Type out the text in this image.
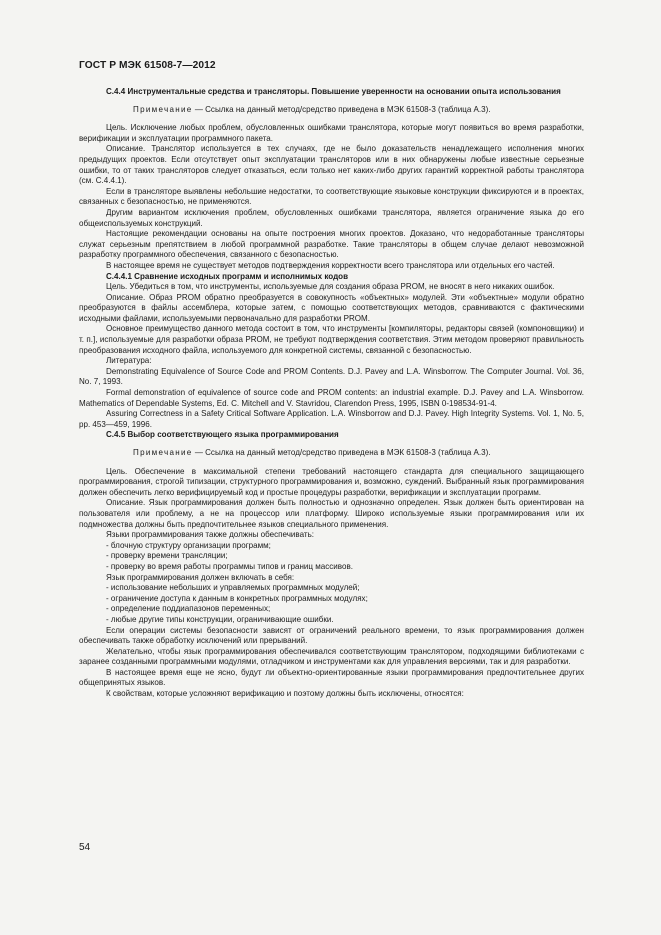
ГОСТ Р МЭК 61508-7—2012

С.4.4 Инструментальные средства и трансляторы. Повышение уверенности на основании опыта использования

Примечание — Ссылка на данный метод/средство приведена в МЭК 61508-3 (таблица А.3).

Цель. Исключение любых проблем, обусловленных ошибками транслятора, которые могут появиться во время разработки, верификации и эксплуатации программного пакета.

Описание. Транслятор используется в тех случаях, где не было доказательств ненадлежащего исполнения многих предыдущих проектов. Если отсутствует опыт эксплуатации трансляторов или в них обнаружены любые известные серьезные ошибки, то от таких трансляторов следует отказаться, если только нет каких-либо других гарантий корректной работы транслятора (см. С.4.4.1).

Если в трансляторе выявлены небольшие недостатки, то соответствующие языковые конструкции фиксируются и в проектах, связанных с безопасностью, не применяются.

Другим вариантом исключения проблем, обусловленных ошибками транслятора, является ограничение языка до его общеиспользуемых конструкций.

Настоящие рекомендации основаны на опыте построения многих проектов. Доказано, что недоработанные трансляторы служат серьезным препятствием в любой программной разработке. Такие трансляторы в общем случае делают невозможной разработку программного обеспечения, связанного с безопасностью.

В настоящее время не существует методов подтверждения корректности всего транслятора или отдельных его частей.

С.4.4.1 Сравнение исходных программ и исполнимых кодов

Цель. Убедиться в том, что инструменты, используемые для создания образа PROM, не вносят в него никаких ошибок.

Описание. Образ PROM обратно преобразуется в совокупность «объектных» модулей. Эти «объектные» модули обратно преобразуются в файлы ассемблера, которые затем, с помощью соответствующих методов, сравниваются с фактическими исходными файлами, используемыми первоначально для разработки PROM.

Основное преимущество данного метода состоит в том, что инструменты [компиляторы, редакторы связей (компоновщики) и т. п.], используемые для разработки образа PROM, не требуют подтверждения соответствия. Этим методом проверяют правильность преобразования исходного файла, используемого для конкретной системы, связанной с безопасностью.

Литература:

Demonstrating Equivalence of Source Code and PROM Contents. D.J. Pavey and L.A. Winsborrow. The Computer Journal. Vol. 36, No. 7, 1993.

Formal demonstration of equivalence of source code and PROM contents: an industrial example. D.J. Pavey and L.A. Winsborrow. Mathematics of Dependable Systems, Ed. C. Mitchell and V. Stavridou, Clarendon Press, 1995, ISBN 0-198534-91-4.

Assuring Correctness in a Safety Critical Software Application. L.A. Winsborrow and D.J. Pavey. High Integrity Systems. Vol. 1, No. 5, pp. 453—459, 1996.

С.4.5 Выбор соответствующего языка программирования

Примечание — Ссылка на данный метод/средство приведена в МЭК 61508-3 (таблица А.3).

Цель. Обеспечение в максимальной степени требований настоящего стандарта для специального защищающего программирования, строгой типизации, структурного программирования и, возможно, суждений. Выбранный язык программирования должен обеспечить легко верифицируемый код и простые процедуры разработки, верификации и эксплуатации программ.

Описание. Язык программирования должен быть полностью и однозначно определен. Язык должен быть ориентирован на пользователя или проблему, а не на процессор или платформу. Широко используемые языки программирования или их подмножества должны быть предпочтительнее языков специального применения.

Языки программирования также должны обеспечивать:

- блочную структуру организации программ;

- проверку времени трансляции;

- проверку во время работы программы типов и границ массивов.

Язык программирования должен включать в себя:

- использование небольших и управляемых программных модулей;

- ограничение доступа к данным в конкретных программных модулях;

- определение поддиапазонов переменных;

- любые другие типы конструкции, ограничивающие ошибки.

Если операции системы безопасности зависят от ограничений реального времени, то язык программирования должен обеспечивать также обработку исключений или прерываний.

Желательно, чтобы язык программирования обеспечивался соответствующим транслятором, подходящими библиотеками с заранее созданными программными модулями, отладчиком и инструментами как для управления версиями, так и для разработки.

В настоящее время еще не ясно, будут ли объектно-ориентированные языки программирования предпочтительнее других общепринятых языков.

К свойствам, которые усложняют верификацию и поэтому должны быть исключены, относятся:

54
